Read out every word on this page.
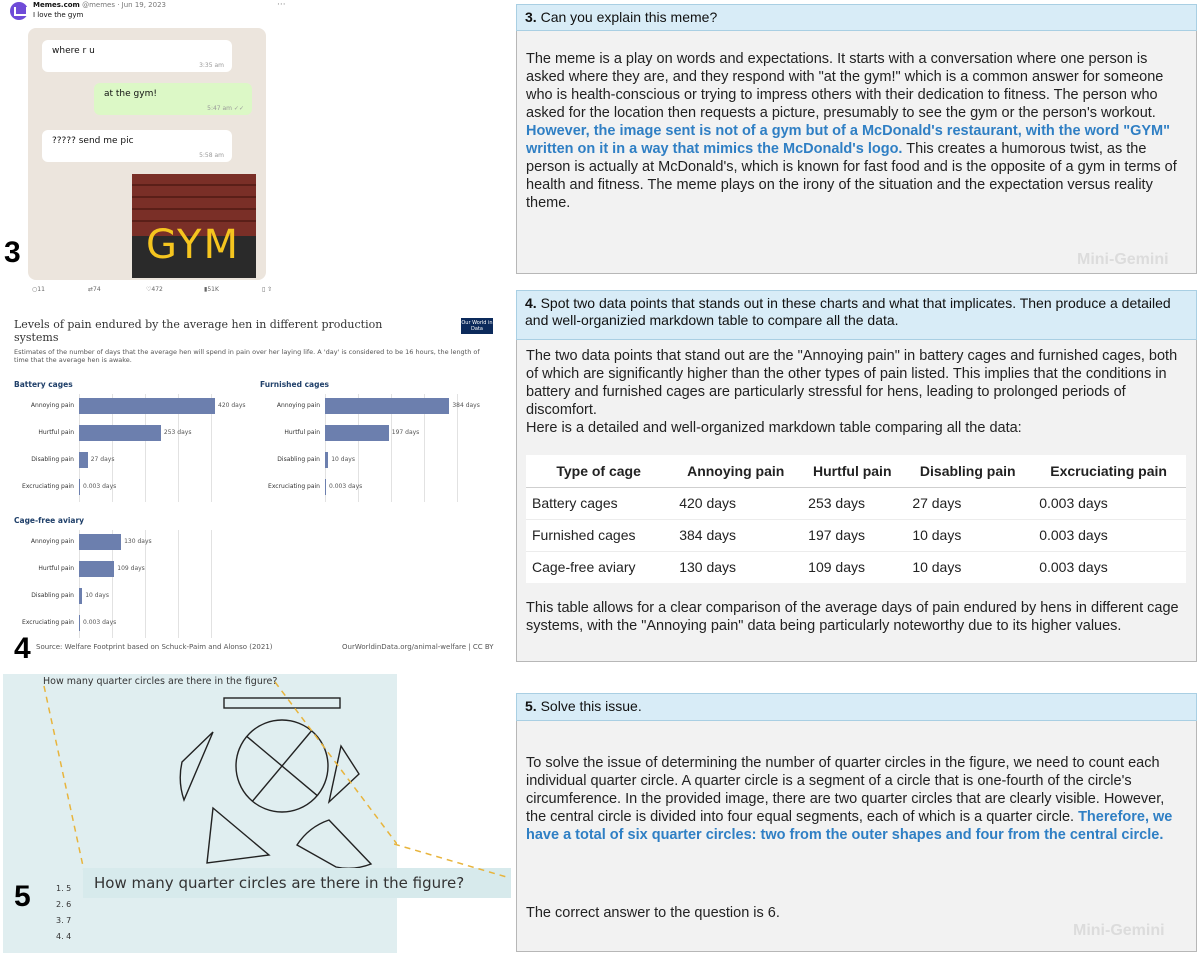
Memes.com @memes · Jun 19, 2023	···
I love the gym
where r u
3:35 am
at the gym!
5:47 am ✓✓
????? send me pic
5:58 am
GYM
○ 11	⇄ 74	♡ 472	▮ 51K	▯ ⇧
3
Levels of pain endured by the average hen in different production systems
Our World in Data
Estimates of the number of days that the average hen will spend in pain over her laying life. A 'day' is considered to be 16 hours, the length of time that the average hen is awake.
Battery cages
Annoying pain	420 days
Hurtful pain	253 days
Disabling pain	27 days
Excruciating pain 0.003 days
Furnished cages
Annoying pain	384 days
Hurtful pain	197 days
Disabling pain 10 days
Excruciating pain 0.003 days
Cage-free aviary
Annoying pain	130 days
Hurtful pain	109 days
Disabling pain 10 days
Excruciating pain 0.003 days
Source: Welfare Footprint based on Schuck-Paim and Alonso (2021)	OurWorldinData.org/animal-welfare | CC BY
4
How many quarter circles are there in the figure?
1. 5
2. 6
3. 7
4. 4
How many quarter circles are there in the figure?
5
3. Can you explain this meme?
The meme is a play on words and expectations. It starts with a conversation where one person is asked where they are, and they respond with "at the gym!" which is a common answer for someone who is health-conscious or trying to impress others with their dedication to fitness. The person who asked for the location then requests a picture, presumably to see the gym or the person's workout. However, the image sent is not of a gym but of a McDonald's restaurant, with the word "GYM" written on it in a way that mimics the McDonald's logo. This creates a humorous twist, as the person is actually at McDonald's, which is known for fast food and is the opposite of a gym in terms of health and fitness. The meme plays on the irony of the situation and the expectation versus reality theme.
Mini-Gemini
4. Spot two data points that stands out in these charts and what that implicates. Then produce a detailed and well-organizied markdown table to compare all the data.
The two data points that stand out are the "Annoying pain" in battery cages and furnished cages, both of which are significantly higher than the other types of pain listed. This implies that the conditions in battery and furnished cages are particularly stressful for hens, leading to prolonged periods of discomfort.
Here is a detailed and well-organized markdown table comparing all the data:
Type of cage	Annoying pain	Hurtful pain	Disabling pain	Excruciating pain
Battery cages	420 days	253 days	27 days	0.003 days
Furnished cages	384 days	197 days	10 days	0.003 days
Cage-free aviary	130 days	109 days	10 days	0.003 days
This table allows for a clear comparison of the average days of pain endured by hens in different cage systems, with the "Annoying pain" data being particularly noteworthy due to its higher values.
5. Solve this issue.
To solve the issue of determining the number of quarter circles in the figure, we need to count each individual quarter circle. A quarter circle is a segment of a circle that is one-fourth of the circle's circumference. In the provided image, there are two quarter circles that are clearly visible. However, the central circle is divided into four equal segments, each of which is a quarter circle. Therefore, we have a total of six quarter circles: two from the outer shapes and four from the central circle.
The correct answer to the question is 6.
Mini-Gemini
